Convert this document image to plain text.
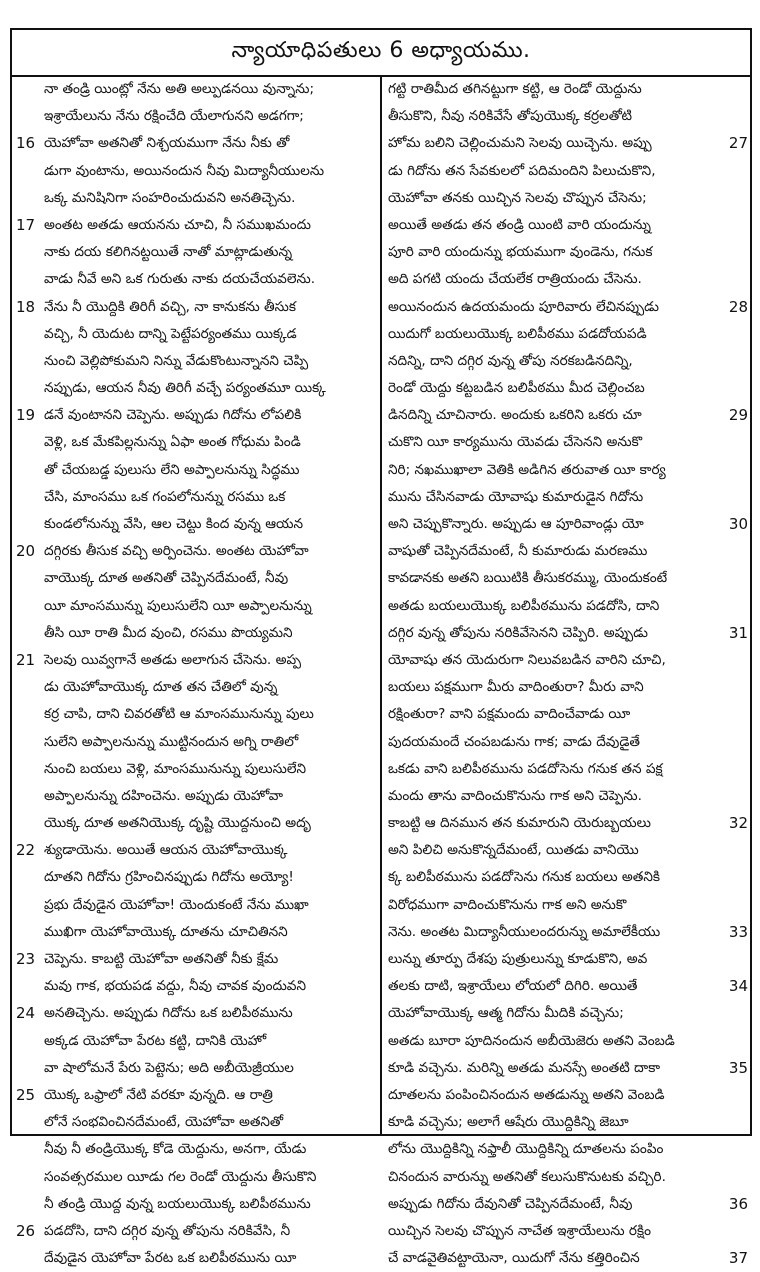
న్యాయాధిపతులు 6 అధ్యాయము.
నా తండ్రి యింట్లో నేను అతి అల్పుడనయి వున్నాను;
ఇశ్రాయేలును నేను రక్షించేది యేలాగునని అడగగా;
16 యెహోవా అతనితో నిశ్చయముగా నేను నీకు తో
డుగా వుంటాను, అయినందున నీవు మిద్యానీయులను
ఒక్క మనిషినిగా సంహరించుదువని అనతిచ్చెను.
17 అంతట అతడు ఆయనను చూచి, నీ సముఖమందు
నాకు దయ కలిగినట్టయితే నాతో మాట్లాడుతున్న
వాడు నీవే అని ఒక గురుతు నాకు దయచేయవలెను.
18 నేను నీ యొద్దికి తిరిగీ వచ్చి, నా కానుకను తీసుక
వచ్చి, నీ యెదుట దాన్ని పెట్టేపర్యంతము యిక్కడ
నుంచి వెల్లిపోకుమని నిన్ను వేడుకొంటున్నానని చెప్పి
నప్పుడు, ఆయన నీవు తిరిగీ వచ్చే పర్యంతమూ యిక్క
19 డనే వుంటానని చెప్పెను. అప్పుడు గిదోను లోపలికి
వెళ్లి, ఒక మేకపిల్లనున్ను ఏఫా అంత గోధుమ పిండి
తో చేయబడ్డ పులుసు లేని అప్పాలనున్ను సిద్ధము
చేసి, మాంసము ఒక గంపలోనున్ను రసము ఒక
కుండలోనున్ను వేసి, ఆల చెట్టు కింద వున్న ఆయన
20 దగ్గిరకు తీసుక వచ్చి అర్పించెను. అంతట యెహోవా
వాయొక్క దూత అతనితో చెప్పినదేమంటే, నీవు
యీ మాంసమున్ను పులుసులేని యీ అప్పాలనున్ను
తీసి యీ రాతి మీద వుంచి, రసము పొయ్యమని
21 సెలవు యివ్వగానే అతడు అలాగున చేసెను. అప్ప
డు యెహోవాయొక్క దూత తన చేతిలో వున్న
కర్ర చాపి, దాని చివరతోటి ఆ మాంసమునున్ను పులు
సులేని అప్పాలనున్ను ముట్టినందున అగ్ని రాతిలో
నుంచి బయలు వెళ్లి, మాంసమునున్ను పులుసులేని
అప్పాలనున్ను దహించెను. అప్పుడు యెహోవా
యొక్క దూత అతనియొక్క దృష్టి యొద్దనుంచి అదృ
22 శ్యుడాయెను. అయితే ఆయన యెహోవాయొక్క
దూతని గిదోను గ్రహించినప్పుడు గిదోను అయ్యో!
ప్రభు దేవుడైన యెహోవా! యెందుకంటే నేను ముఖా
ముఖిగా యెహోవాయొక్క దూతను చూచితినని
23 చెప్పెను. కాబట్టి యెహోవా అతనితో నీకు క్షేమ
మవు గాక, భయపడ వద్దు, నీవు చావక వుందువని
24 అనతిచ్చెను. అప్పుడు గిదోను ఒక బలిపీఠమును
అక్కడ యెహోవా పేరట కట్టి, దానికి యెహో
వా షాలోమనే పేరు పెట్టెను; అది అబీయెజ్రీయుల
25 యొక్క ఒఫ్రాలో నేటి వరకూ వున్నది. ఆ రాత్రి
లోనే సంభవించినదేమంటే, యెహోవా అతనితో
నీవు నీ తండ్రియొక్క కోడె యెద్దును, అనగా, యేడు
సంవత్సరముల యీడు గల రెండో యెద్దును తీసుకొని
నీ తండ్రి యొద్ద వున్న బయలుయొక్క బలిపీఠమును
26 పడదోసి, దాని దగ్గిర వున్న తోపును నరికివేసి, నీ
దేవుడైన యెహోవా పేరట ఒక బలిపీఠమును యీ
గట్టి రాతిమీద తగినట్టుగా కట్టి, ఆ రెండో యెద్దును
తీసుకొని, నీవు నరికివేసే తోపుయొక్క కర్రలతోటి
27
హోమ బలిని చెల్లించుమని సెలవు యిచ్చెను. అప్పు
డు గిదోను తన సేవకులలో పదిమందిని పిలుచుకొని,
యెహోవా తనకు యిచ్చిన సెలవు చొప్పున చేసెను;
అయితే అతడు తన తండ్రి యింటి వారి యందున్ను
పూరి వారి యందున్ను భయముగా వుండెను, గనుక
అది పగటి యందు చేయలేక రాత్రియందు చేసెను.
28
అయినందున ఉదయమందు పూరివారు లేచినప్పుడు
యిదుగో బయలుయొక్క బలిపీఠము పడదోయపడి
నదిన్ని, దాని దగ్గిర వున్న తోపు నరకబడినదిన్ని,
రెండో యెద్దు కట్టబడిన బలిపీఠము మీద చెల్లించబ
29
డినదిన్ని చూచినారు. అందుకు ఒకరిని ఒకరు చూ
చుకొని యీ కార్యమును యెవడు చేసెనని అనుకొ
నిరి; నఖముఖాలా వెతికి అడిగిన తరువాత యీ కార్య
మును చేసినవాడు యోవాషు కుమారుడైన గిదోను
30
అని చెప్పుకొన్నారు. అప్పుడు ఆ పూరివాండ్లు యో
వాషుతో చెప్పినదేమంటే, నీ కుమారుడు మరణము
కావడానకు అతని బయిటికి తీసుకరమ్ము, యెందుకంటే
అతడు బయలుయొక్క బలిపీఠమును పడదోసి, దాని
31
దగ్గిర వున్న తోపును నరికివేసెనని చెప్పిరి. అప్పుడు
యోవాషు తన యెదురుగా నిలువబడిన వారిని చూచి,
బయలు పక్షముగా మీరు వాదింతురా? మీరు వాని
రక్షింతురా? వాని పక్షమందు వాదించేవాడు యీ
పుదయమందే చంపబడును గాక; వాడు దేవుడైతే
ఒకడు వాని బలిపీఠమును పడదోసెను గనుక తన పక్ష
మందు తాను వాదించుకొనును గాక అని చెప్పెను.
32
కాబట్టి ఆ దినమున తన కుమారుని యెరుబ్బయలు
అని పిలిచి అనుకొన్నదేమంటే, యితడు వానియొ
క్క బలిపీఠమును పడదోసెను గనుక బయలు అతనికి
విరోధముగా వాదించుకొనును గాక అని అనుకొ
33
నెను. అంతట మిద్యానీయులందరున్ను అమాలేకీయు
లున్ను తూర్పు దేశపు పుత్రులున్ను కూడుకొని, అవ
34
తలకు దాటి, ఇశ్రాయేలు లోయలో దిగిరి. అయితే
యెహోవాయొక్క ఆత్మ గిదోను మీదికి వచ్చెను;
అతడు బూరా పూదినందున అబీయెజెరు అతని వెంబడి
35
కూడి వచ్చెను. మరిన్ని అతడు మనస్సే అంతటి దాకా
దూతలను పంపించినందున అతడున్ను అతని వెంబడి
కూడి వచ్చెను; అలాగే ఆషేరు యొద్దికిన్ని జెబూ
లోను యొద్దికిన్ని నఫ్తాలీ యొద్దికిన్ని దూతలను పంపిం
చినందున వారున్ను అతనితో కలుసుకొనుటకు వచ్చిరి.
36
అప్పుడు గిదోను దేవునితో చెప్పినదేమంటే, నీవు
యిచ్చిన సెలవు చొప్పున నాచేత ఇశ్రాయేలును రక్షిం
37
చే వాడవైతివట్టాయెనా, యిదుగో నేను కత్తిరించిన
